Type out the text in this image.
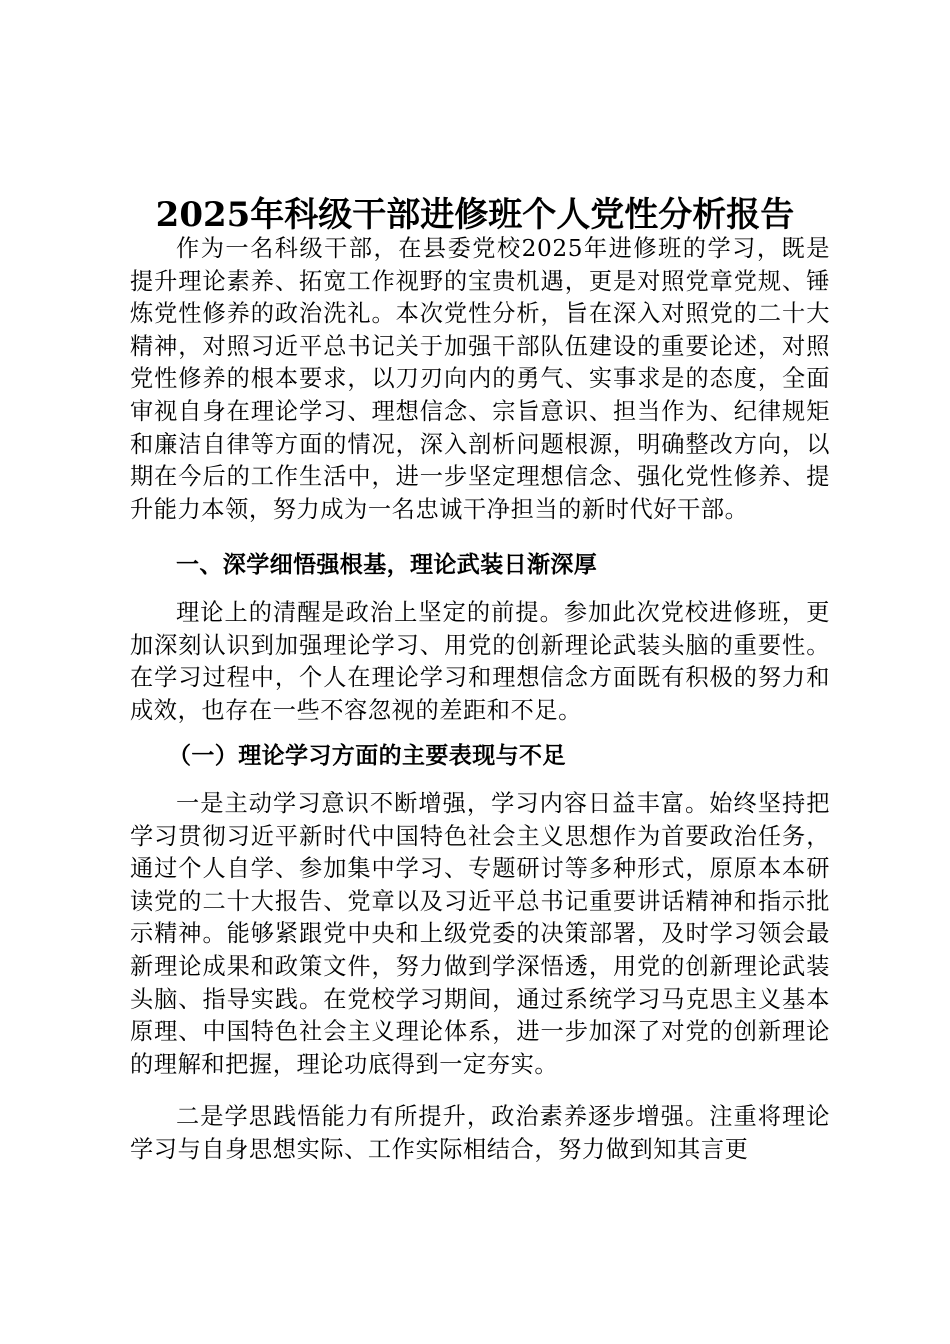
2025年科级干部进修班个人党性分析报告

作为一名科级干部，在县委党校2025年进修班的学习，既是提升理论素养、拓宽工作视野的宝贵机遇，更是对照党章党规、锤炼党性修养的政治洗礼。本次党性分析，旨在深入对照党的二十大精神，对照习近平总书记关于加强干部队伍建设的重要论述，对照党性修养的根本要求，以刀刃向内的勇气、实事求是的态度，全面审视自身在理论学习、理想信念、宗旨意识、担当作为、纪律规矩和廉洁自律等方面的情况，深入剖析问题根源，明确整改方向，以期在今后的工作生活中，进一步坚定理想信念、强化党性修养、提升能力本领，努力成为一名忠诚干净担当的新时代好干部。

一、深学细悟强根基，理论武装日渐深厚

理论上的清醒是政治上坚定的前提。参加此次党校进修班，更加深刻认识到加强理论学习、用党的创新理论武装头脑的重要性。在学习过程中，个人在理论学习和理想信念方面既有积极的努力和成效，也存在一些不容忽视的差距和不足。

（一）理论学习方面的主要表现与不足

一是主动学习意识不断增强，学习内容日益丰富。始终坚持把学习贯彻习近平新时代中国特色社会主义思想作为首要政治任务，通过个人自学、参加集中学习、专题研讨等多种形式，原原本本研读党的二十大报告、党章以及习近平总书记重要讲话精神和指示批示精神。能够紧跟党中央和上级党委的决策部署，及时学习领会最新理论成果和政策文件，努力做到学深悟透，用党的创新理论武装头脑、指导实践。在党校学习期间，通过系统学习马克思主义基本原理、中国特色社会主义理论体系，进一步加深了对党的创新理论的理解和把握，理论功底得到一定夯实。

二是学思践悟能力有所提升，政治素养逐步增强。注重将理论学习与自身思想实际、工作实际相结合，努力做到知其言更
